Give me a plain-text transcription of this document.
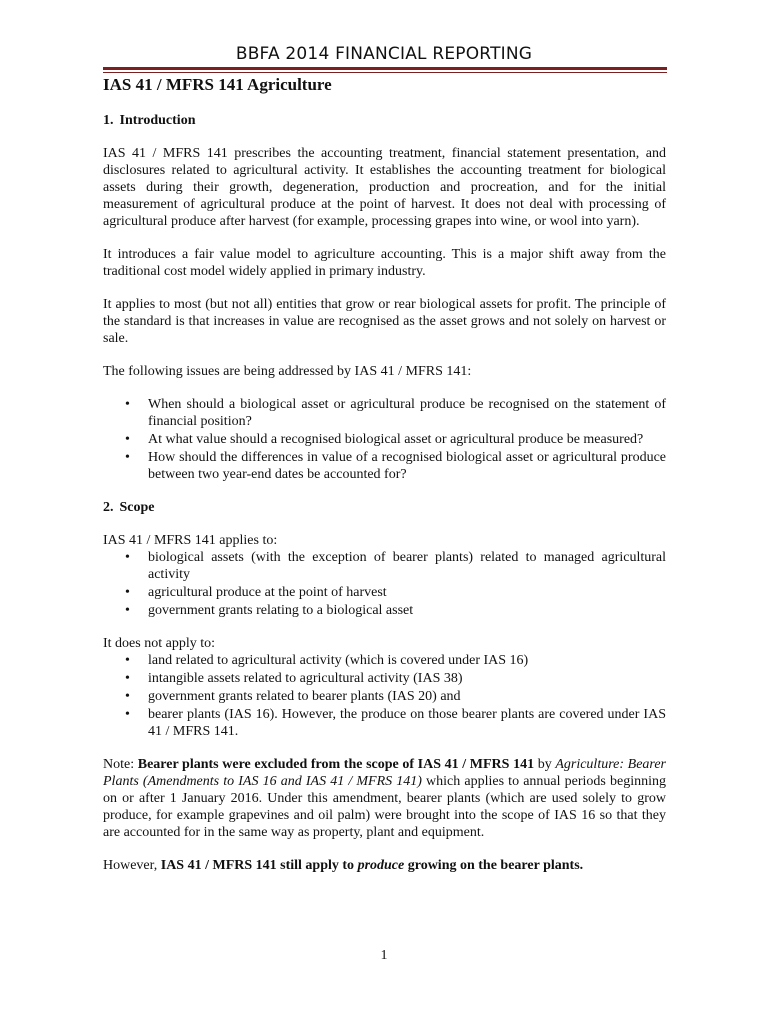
BBFA 2014 FINANCIAL REPORTING
IAS 41 / MFRS 141 Agriculture
1. Introduction

IAS 41 / MFRS 141 prescribes the accounting treatment, financial statement presentation, and disclosures related to agricultural activity. It establishes the accounting treatment for biological assets during their growth, degeneration, production and procreation, and for the initial measurement of agricultural produce at the point of harvest. It does not deal with processing of agricultural produce after harvest (for example, processing grapes into wine, or wool into yarn).

It introduces a fair value model to agriculture accounting. This is a major shift away from the traditional cost model widely applied in primary industry.

It applies to most (but not all) entities that grow or rear biological assets for profit. The principle of the standard is that increases in value are recognised as the asset grows and not solely on harvest or sale.

The following issues are being addressed by IAS 41 / MFRS 141:

• When should a biological asset or agricultural produce be recognised on the statement of financial position?
• At what value should a recognised biological asset or agricultural produce be measured?
• How should the differences in value of a recognised biological asset or agricultural produce between two year-end dates be accounted for?
2. Scope

IAS 41 / MFRS 141 applies to:

• biological assets (with the exception of bearer plants) related to managed agricultural activity
• agricultural produce at the point of harvest
• government grants relating to a biological asset

It does not apply to:

• land related to agricultural activity (which is covered under IAS 16)
• intangible assets related to agricultural activity (IAS 38)
• government grants related to bearer plants (IAS 20) and
• bearer plants (IAS 16). However, the produce on those bearer plants are covered under IAS 41 / MFRS 141.

Note: Bearer plants were excluded from the scope of IAS 41 / MFRS 141 by Agriculture: Bearer Plants (Amendments to IAS 16 and IAS 41 / MFRS 141) which applies to annual periods beginning on or after 1 January 2016. Under this amendment, bearer plants (which are used solely to grow produce, for example grapevines and oil palm) were brought into the scope of IAS 16 so that they are accounted for in the same way as property, plant and equipment.

However, IAS 41 / MFRS 141 still apply to produce growing on the bearer plants.

1
